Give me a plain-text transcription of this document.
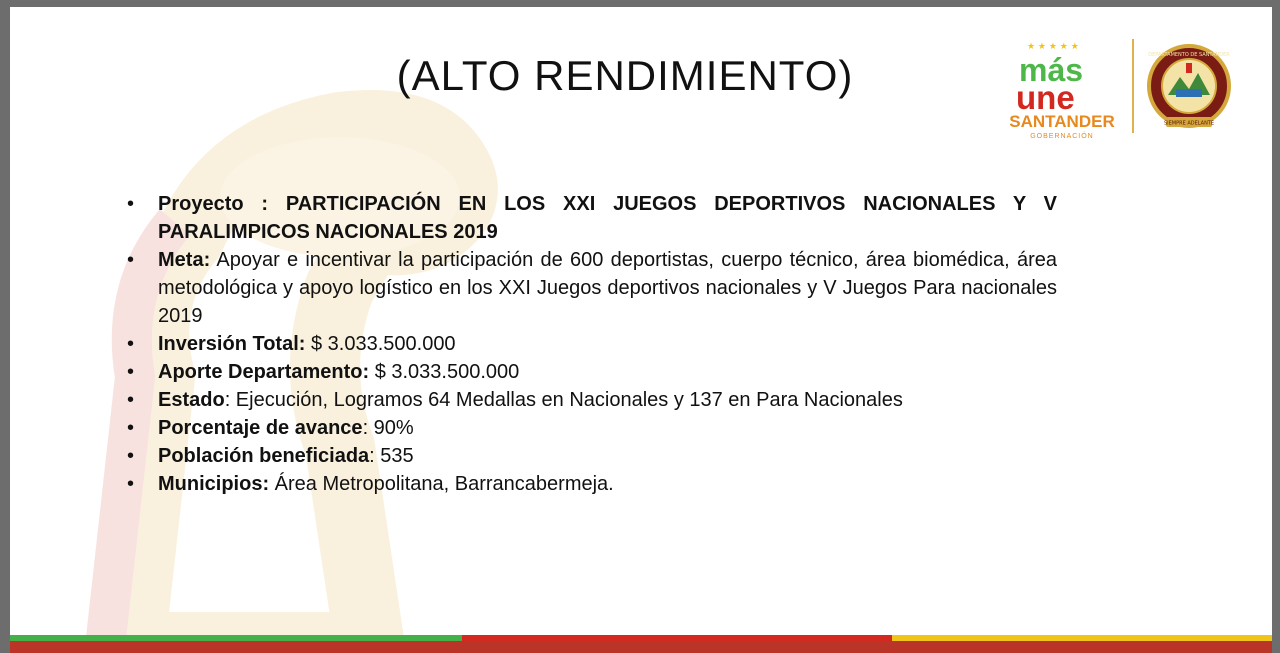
(ALTO RENDIMIENTO)
★ ★ ★ ★ ★
más
une
SANTANDER
GOBERNACIÓN
DEPARTAMENTO DE SANTANDER
SIEMPRE ADELANTE
• Proyecto : PARTICIPACIÓN EN LOS XXI JUEGOS DEPORTIVOS NACIONALES Y V PARALIMPICOS NACIONALES 2019
• Meta: Apoyar e incentivar la participación de 600 deportistas, cuerpo técnico, área biomédica, área metodológica y apoyo logístico en los XXI Juegos deportivos nacionales y V Juegos Para nacionales 2019
• Inversión Total: $ 3.033.500.000
• Aporte Departamento: $ 3.033.500.000
• Estado: Ejecución, Logramos 64 Medallas en Nacionales y 137 en Para Nacionales
• Porcentaje de avance: 90%
• Población beneficiada: 535
• Municipios: Área Metropolitana, Barrancabermeja.
